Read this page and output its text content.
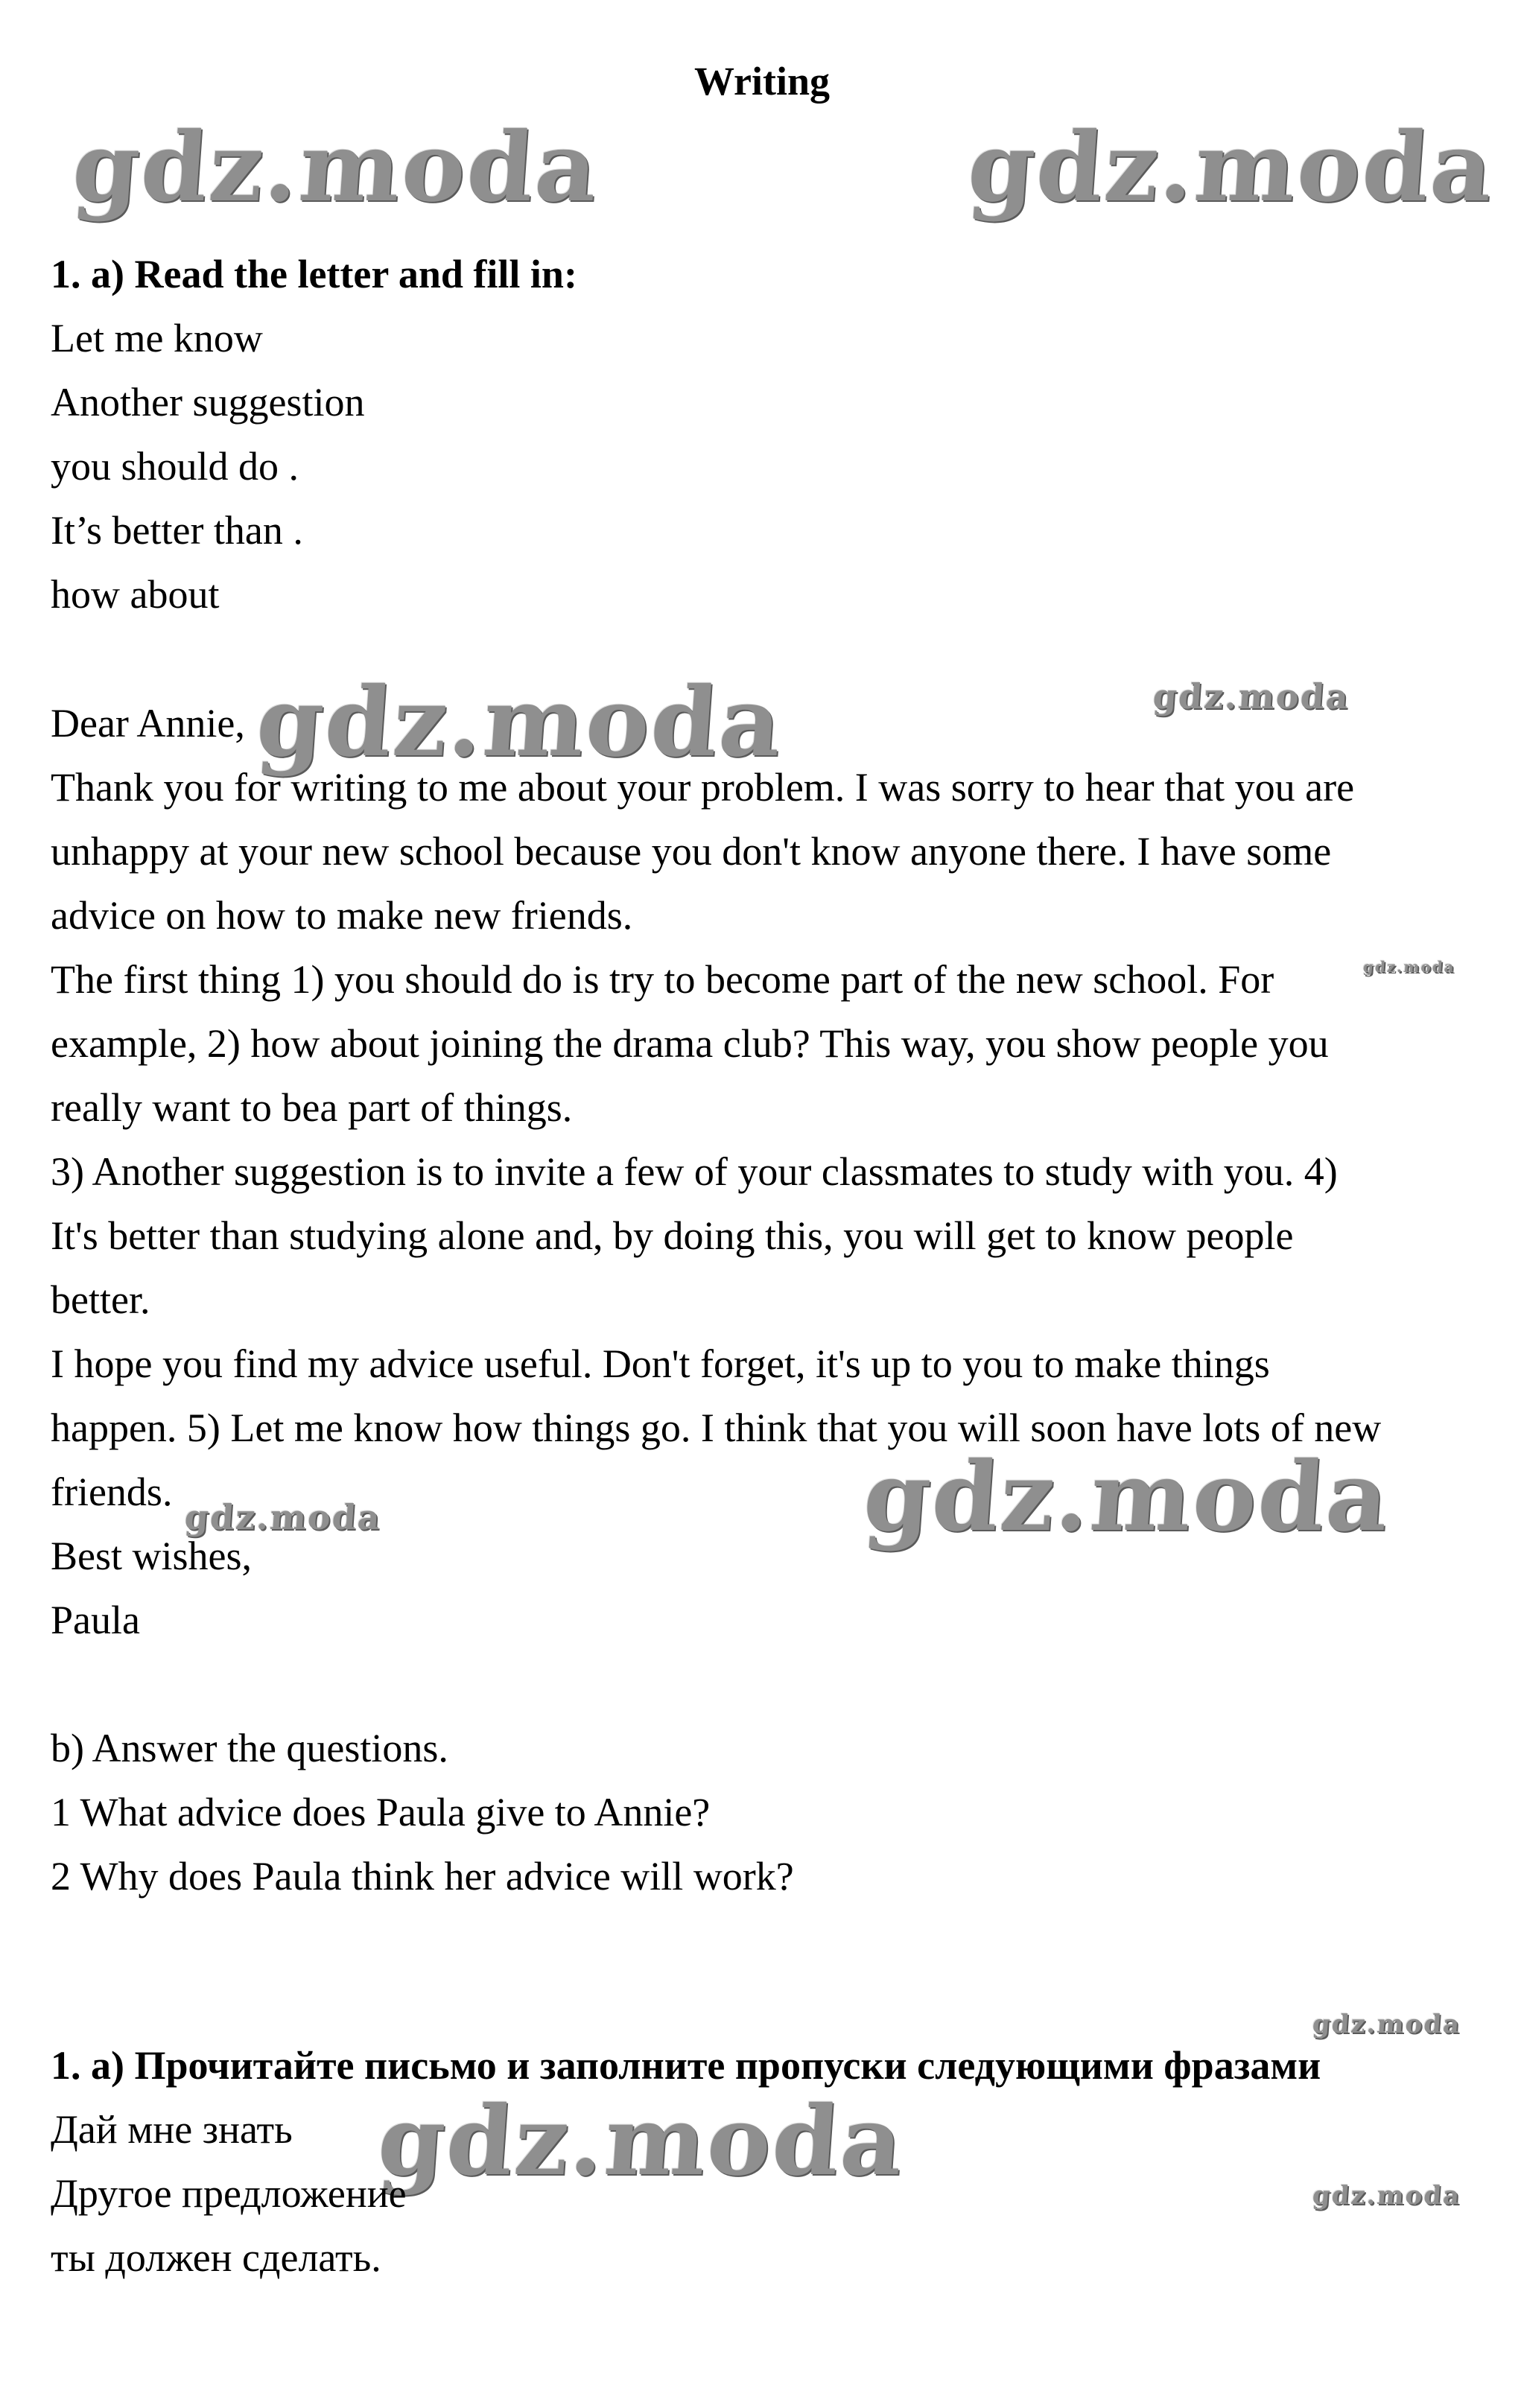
Writing
gdz.moda	gdz.moda
gdz.moda	gdz.moda
gdz.moda
gdz.moda	gdz.moda
gdz.moda
gdz.moda	gdz.moda
1. a) Read the letter and fill in:
Let me know
Another suggestion
you should do .
It’s better than .
how about
Dear Annie,
Thank you for writing to me about your problem. I was sorry to hear that you are
unhappy at your new school because you don't know anyone there. I have some
advice on how to make new friends.
The first thing 1) you should do is try to become part of the new school. For
example, 2) how about joining the drama club? This way, you show people you
really want to bea part of things.
3) Another suggestion is to invite a few of your classmates to study with you. 4)
It's better than studying alone and, by doing this, you will get to know people
better.
I hope you find my advice useful. Don't forget, it's up to you to make things
happen. 5) Let me know how things go. I think that you will soon have lots of new
friends.
Best wishes,
Paula
b) Answer the questions.
1 What advice does Paula give to Annie?
2 Why does Paula think her advice will work?
1. а) Прочитайте письмо и заполните пропуски следующими фразами
Дай мне знать
Другое предложение
ты должен сделать.
